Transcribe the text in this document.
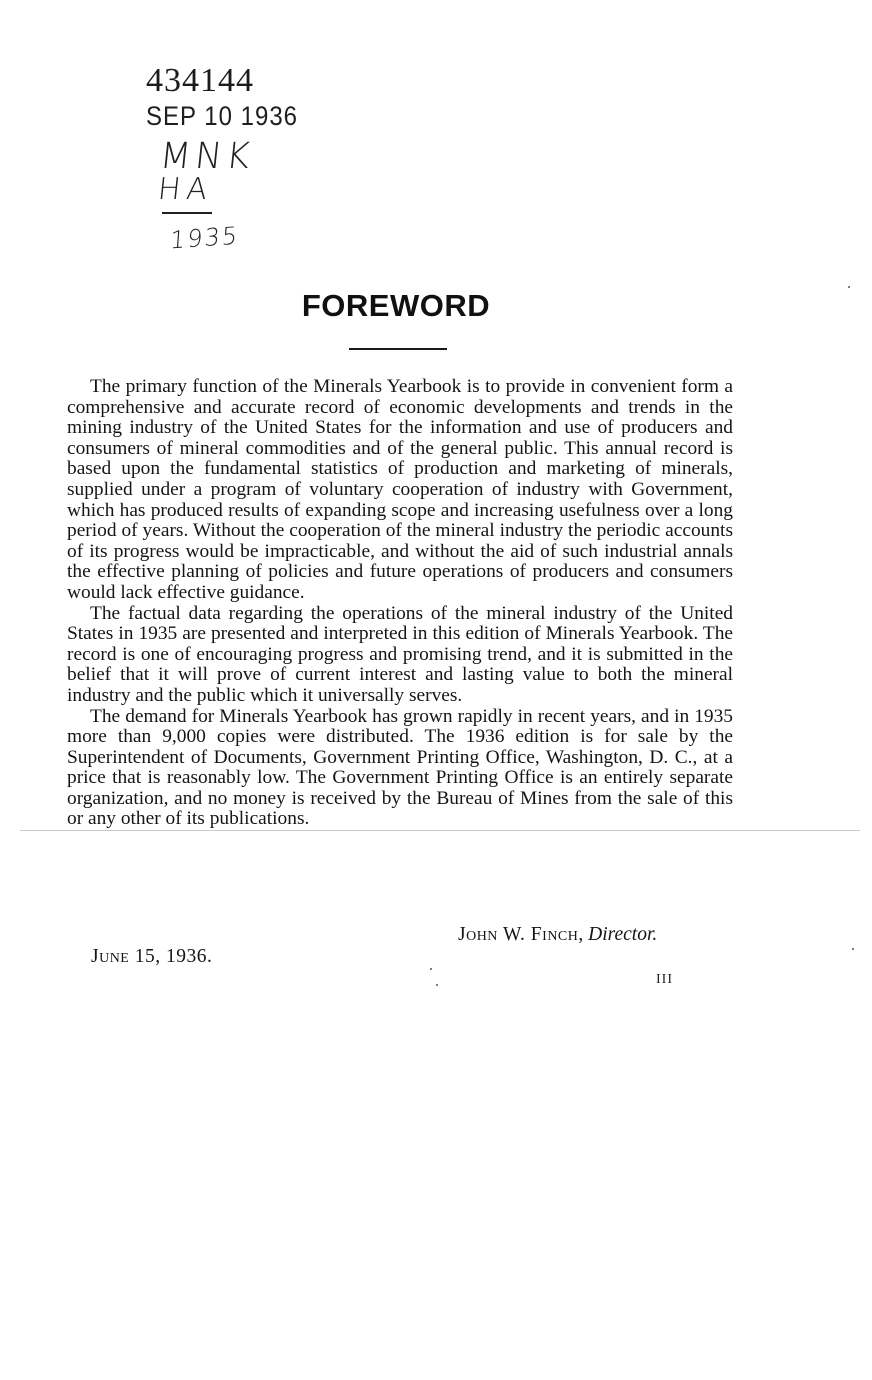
434144
SEP 10 1936
MNK
HA
1935
FOREWORD

The primary function of the Minerals Yearbook is to provide in convenient form a comprehensive and accurate record of economic developments and trends in the mining industry of the United States for the information and use of producers and consumers of mineral commodities and of the general public. This annual record is based upon the fundamental statistics of production and marketing of minerals, supplied under a program of voluntary cooperation of industry with Government, which has produced results of expanding scope and increasing usefulness over a long period of years. Without the cooperation of the mineral industry the periodic accounts of its progress would be impracticable, and without the aid of such industrial annals the effective planning of policies and future operations of producers and consumers would lack effective guidance.

The factual data regarding the operations of the mineral industry of the United States in 1935 are presented and interpreted in this edition of Minerals Yearbook. The record is one of encouraging progress and promising trend, and it is submitted in the belief that it will prove of current interest and lasting value to both the mineral industry and the public which it universally serves.

The demand for Minerals Yearbook has grown rapidly in recent years, and in 1935 more than 9,000 copies were distributed. The 1936 edition is for sale by the Superintendent of Documents, Government Printing Office, Washington, D. C., at a price that is reasonably low. The Government Printing Office is an entirely separate organization, and no money is received by the Bureau of Mines from the sale of this or any other of its publications.

John W. Finch, Director.
June 15, 1936.
III
